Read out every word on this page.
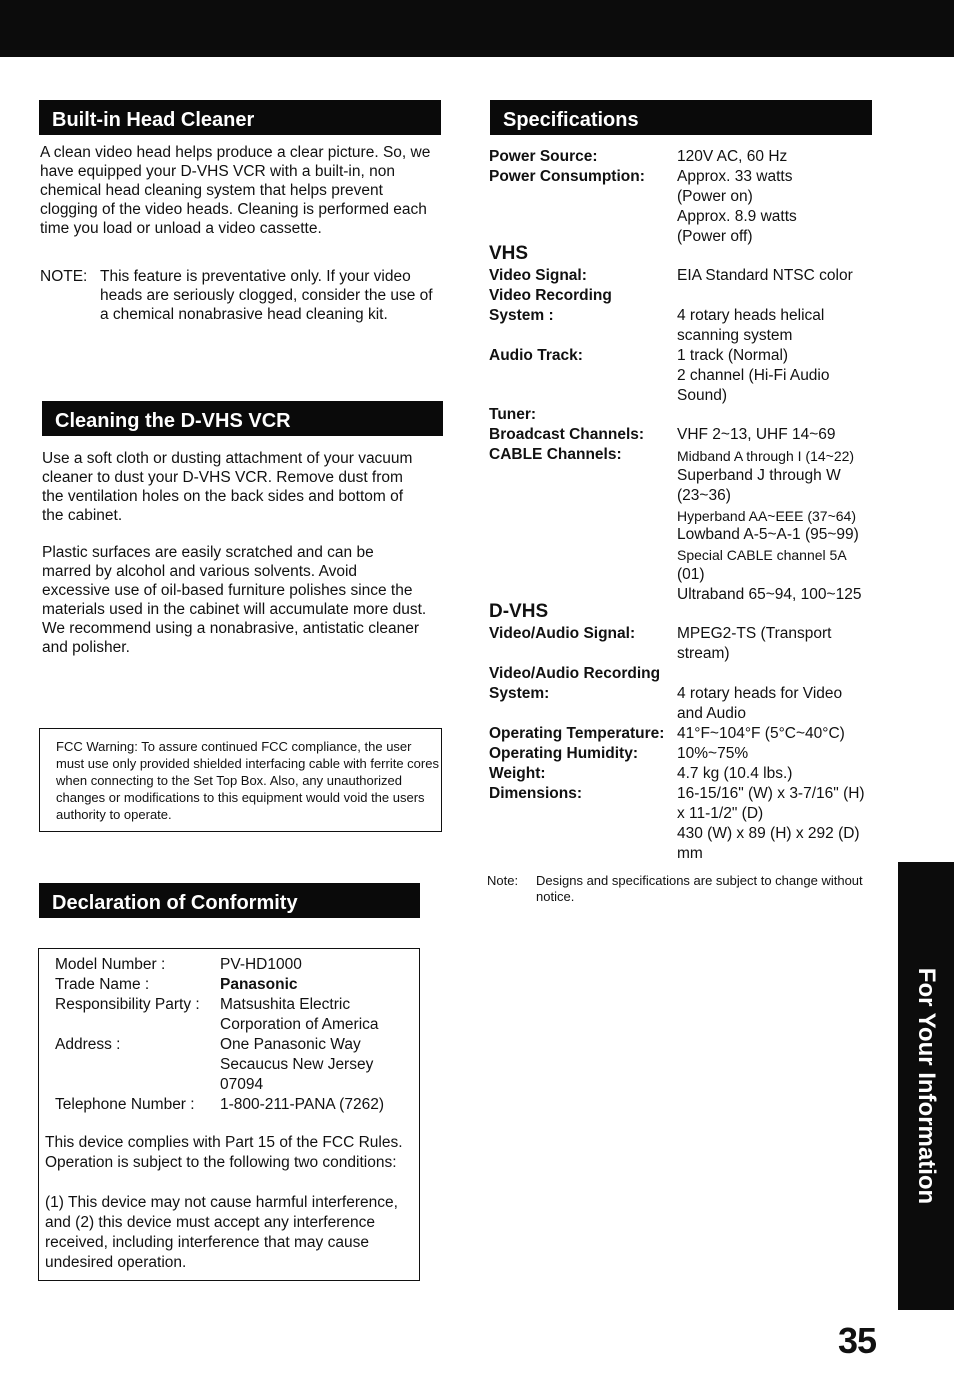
Built-in Head Cleaner

A clean video head helps produce a clear picture. So, we have equipped your D-VHS VCR with a built-in, non chemical head cleaning system that helps prevent clogging of the video heads. Cleaning is performed each time you load or unload a video cassette.

NOTE: This feature is preventative only. If your video heads are seriously clogged, consider the use of a chemical nonabrasive head cleaning kit.
Cleaning the D-VHS VCR

Use a soft cloth or dusting attachment of your vacuum cleaner to dust your D-VHS VCR. Remove dust from the ventilation holes on the back sides and bottom of the cabinet.

Plastic surfaces are easily scratched and can be marred by alcohol and various solvents. Avoid excessive use of oil-based furniture polishes since the materials used in the cabinet will accumulate more dust. We recommend using a nonabrasive, antistatic cleaner and polisher.

FCC Warning: To assure continued FCC compliance, the user must use only provided shielded interfacing cable with ferrite cores when connecting to the Set Top Box. Also, any unauthorized changes or modifications to this equipment would void the users authority to operate.

Declaration of Conformity
Model Number :	PV-HD1000
Trade Name :	Panasonic
Responsibility Party : Matsushita Electric
Corporation of America
Address :	One Panasonic Way
Secaucus New Jersey
07094
Telephone Number : 1-800-211-PANA (7262)

This device complies with Part 15 of the FCC Rules. Operation is subject to the following two conditions:

(1) This device may not cause harmful interference, and (2) this device must accept any interference received, including interference that may cause undesired operation.

Specifications
Power Source:	120V AC, 60 Hz
Power Consumption: Approx. 33 watts
(Power on)
Approx. 8.9 watts
(Power off)
VHS
Video Signal:	EIA Standard NTSC color
Video Recording
System :	4 rotary heads helical
scanning system
Audio Track:	1 track (Normal)
2 channel (Hi-Fi Audio
Sound)
Tuner:
Broadcast Channels: VHF 2~13, UHF 14~69
CABLE Channels:	Midband A through I (14~22)
Superband J through W
(23~36)
Hyperband AA~EEE (37~64)
Lowband A-5~A-1 (95~99)
Special CABLE channel 5A
(01)
Ultraband 65~94, 100~125
D-VHS
Video/Audio Signal:	MPEG2-TS (Transport
stream)
Video/Audio Recording
System:	4 rotary heads for Video
and Audio
Operating Temperature: 41°F~104°F (5°C~40°C)
Operating Humidity:	10%~75%
Weight:	4.7 kg (10.4 lbs.)
Dimensions:	16-15/16" (W) x 3-7/16" (H)
x 11-1/2" (D)
430 (W) x 89 (H) x 292 (D)
mm
Note: Designs and specifications are subject to change without notice.
For Your Information
35
